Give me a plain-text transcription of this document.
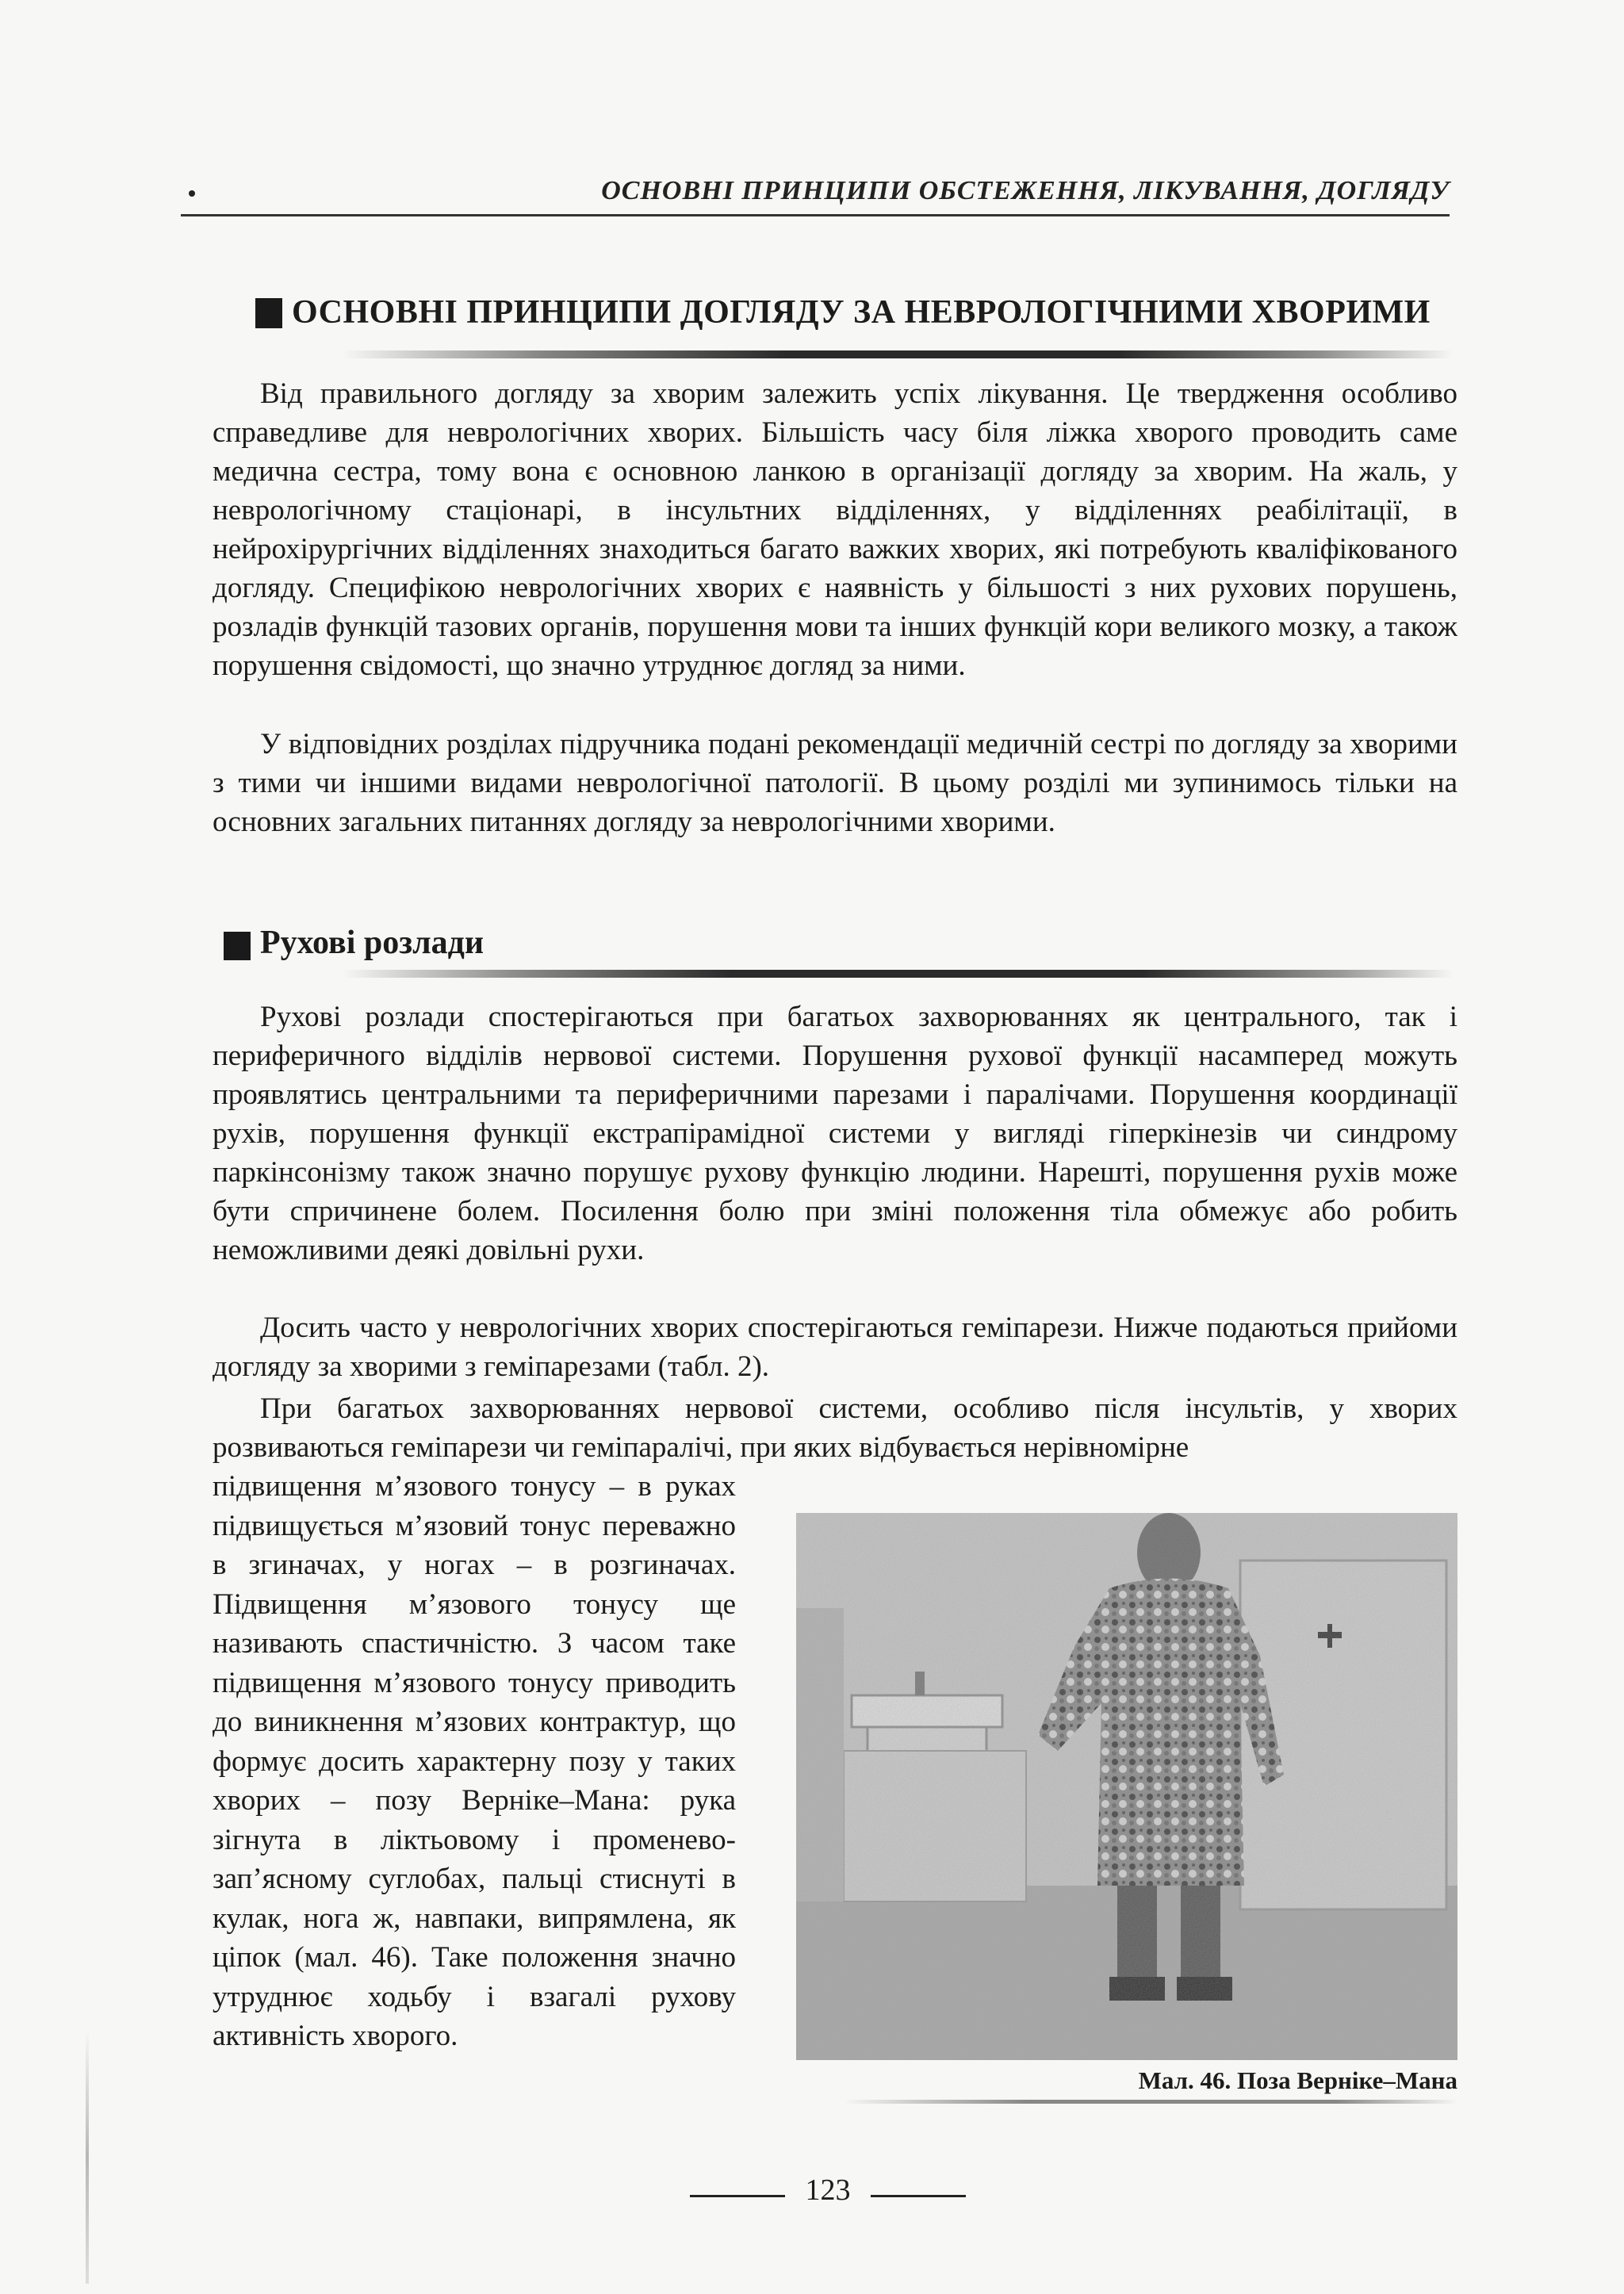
ОСНОВНІ ПРИНЦИПИ ОБСТЕЖЕННЯ, ЛІКУВАННЯ, ДОГЛЯДУ
ОСНОВНІ ПРИНЦИПИ ДОГЛЯДУ ЗА НЕВРОЛОГІЧНИМИ ХВОРИМИ

Від правильного догляду за хворим залежить успіх лікування. Це твердження особливо справедливе для неврологічних хворих. Більшість часу біля ліжка хворого проводить саме медична сестра, тому вона є основною ланкою в організації догляду за хворим. На жаль, у неврологічному стаціонарі, в інсультних відділеннях, у відділеннях реабілітації, в нейрохірургічних відділеннях знаходиться багато важких хворих, які потребують кваліфікованого догляду. Специфікою неврологічних хворих є наявність у більшості з них рухових порушень, розладів функцій тазових органів, порушення мови та інших функцій кори великого мозку, а також порушення свідомості, що значно утруднює догляд за ними.

У відповідних розділах підручника подані рекомендації медичній сестрі по догляду за хворими з тими чи іншими видами неврологічної патології. В цьому розділі ми зупинимось тільки на основних загальних питаннях догляду за неврологічними хворими.

Рухові розлади

Рухові розлади спостерігаються при багатьох захворюваннях як центрального, так і периферичного відділів нервової системи. Порушення рухової функції насамперед можуть проявлятись центральними та периферичними парезами і паралічами. Порушення координації рухів, порушення функції екстрапірамідної системи у вигляді гіперкінезів чи синдрому паркінсонізму також значно порушує рухову функцію людини. Нарешті, порушення рухів може бути спричинене болем. Посилення болю при зміні положення тіла обмежує або робить неможливими деякі довільні рухи.

Досить часто у неврологічних хворих спостерігаються геміпарези. Нижче подаються прийоми догляду за хворими з геміпарезами (табл. 2).

При багатьох захворюваннях нервової системи, особливо після інсультів, у хворих розвиваються геміпарези чи геміпаралічі, при яких відбувається нерівномірне

підвищення м’язового тонусу – в руках підвищується м’язовий тонус переважно в згиначах, у ногах – в розгиначах. Підвищення м’язового тонусу ще називають спастичністю. З часом таке підвищення м’язового тонусу приводить до виникнення м’язових контрактур, що формує досить характерну позу у таких хворих – позу Верніке–Мана: рука зігнута в ліктьовому і променево-зап’ясному суглобах, пальці стиснуті в кулак, нога ж, навпаки, випрямлена, як ціпок (мал. 46). Таке положення значно утруднює ходьбу і взагалі рухову активність хворого.

Мал. 46. Поза Верніке–Мана
123
